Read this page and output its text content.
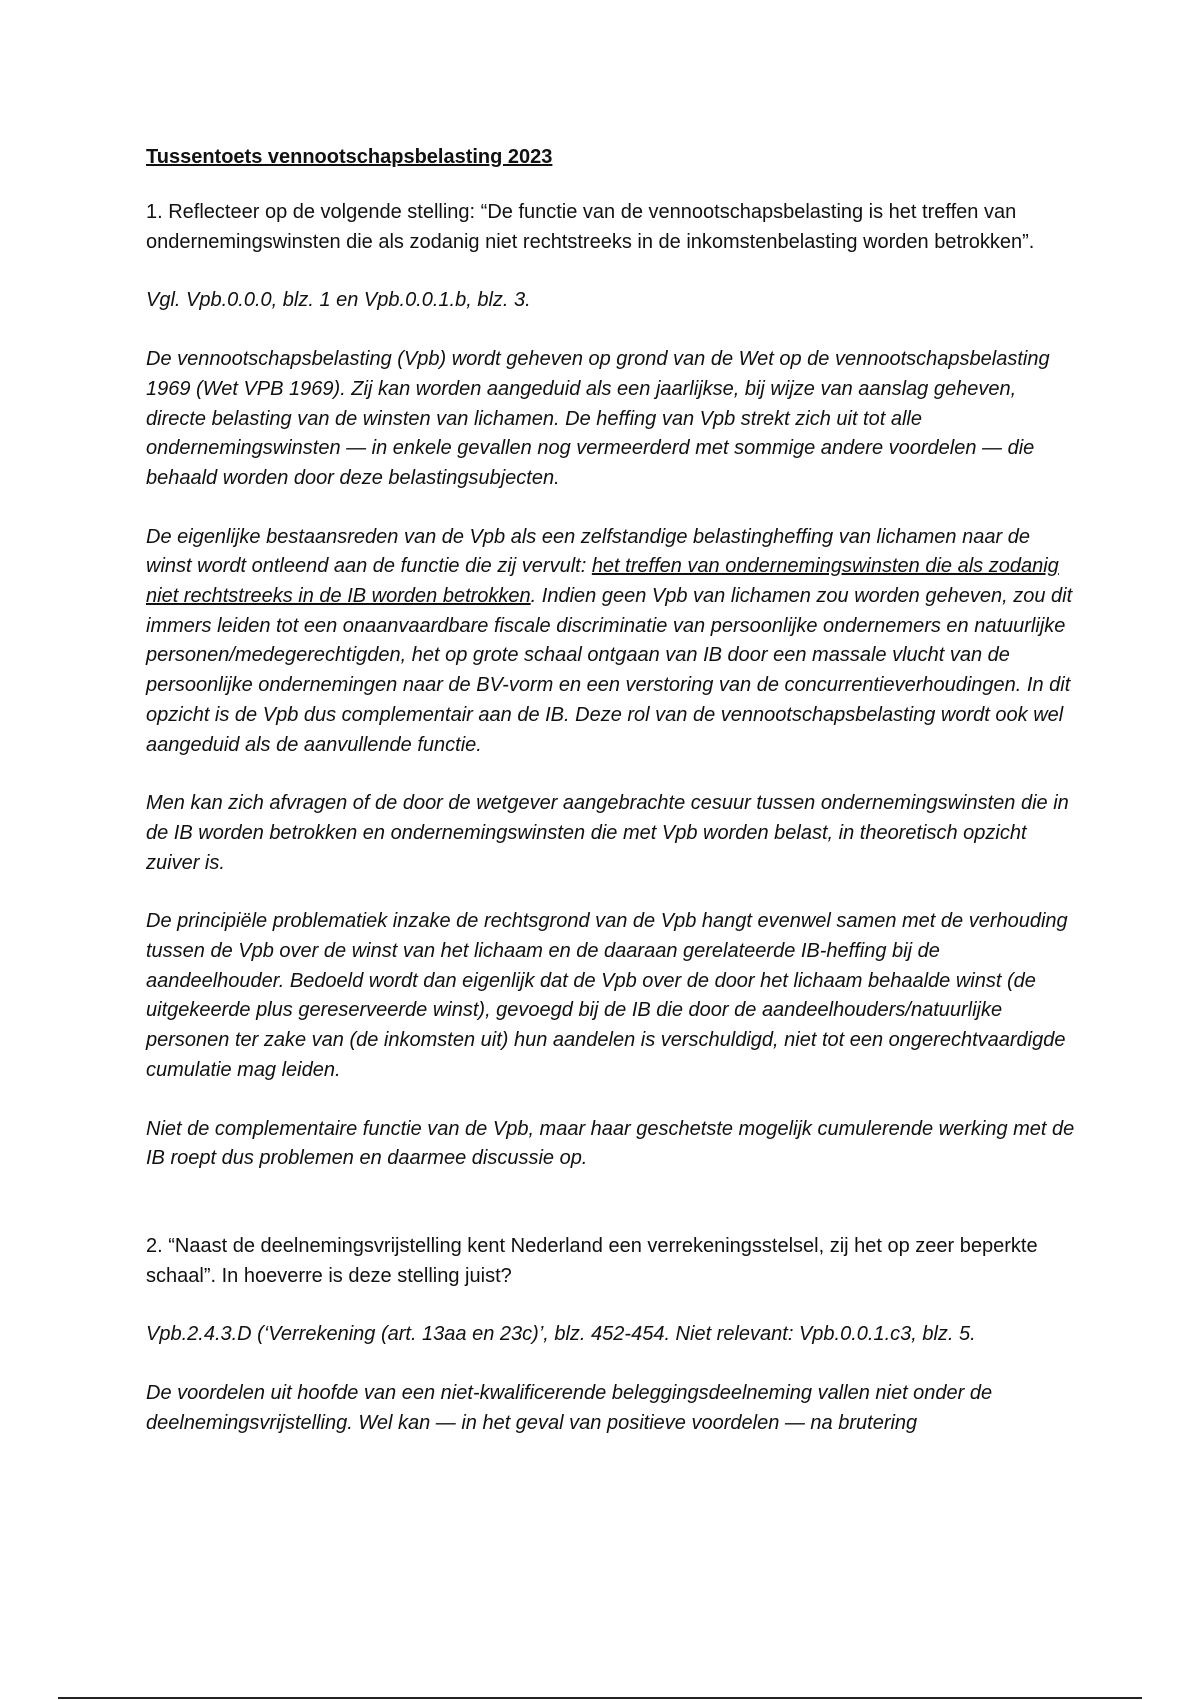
Tussentoets vennootschapsbelasting 2023

1. Reflecteer op de volgende stelling: “De functie van de vennootschapsbelasting is het treffen van ondernemingswinsten die als zodanig niet rechtstreeks in de inkomstenbelasting worden betrokken”.

Vgl. Vpb.0.0.0, blz. 1 en Vpb.0.0.1.b, blz. 3.

De vennootschapsbelasting (Vpb) wordt geheven op grond van de Wet op de vennootschapsbelasting 1969 (Wet VPB 1969). Zij kan worden aangeduid als een jaarlijkse, bij wijze van aanslag geheven, directe belasting van de winsten van lichamen. De heffing van Vpb strekt zich uit tot alle ondernemingswinsten — in enkele gevallen nog vermeerderd met sommige andere voordelen — die behaald worden door deze belastingsubjecten.

De eigenlijke bestaansreden van de Vpb als een zelfstandige belastingheffing van lichamen naar de winst wordt ontleend aan de functie die zij vervult: het treffen van ondernemingswinsten die als zodanig niet rechtstreeks in de IB worden betrokken. Indien geen Vpb van lichamen zou worden geheven, zou dit immers leiden tot een onaanvaardbare fiscale discriminatie van persoonlijke ondernemers en natuurlijke personen/medegerechtigden, het op grote schaal ontgaan van IB door een massale vlucht van de persoonlijke ondernemingen naar de BV-vorm en een verstoring van de concurrentieverhoudingen. In dit opzicht is de Vpb dus complementair aan de IB. Deze rol van de vennootschapsbelasting wordt ook wel aangeduid als de aanvullende functie.

Men kan zich afvragen of de door de wetgever aangebrachte cesuur tussen ondernemingswinsten die in de IB worden betrokken en ondernemingswinsten die met Vpb worden belast, in theoretisch opzicht zuiver is.

De principiële problematiek inzake de rechtsgrond van de Vpb hangt evenwel samen met de verhouding tussen de Vpb over de winst van het lichaam en de daaraan gerelateerde IB-heffing bij de aandeelhouder. Bedoeld wordt dan eigenlijk dat de Vpb over de door het lichaam behaalde winst (de uitgekeerde plus gereserveerde winst), gevoegd bij de IB die door de aandeelhouders/natuurlijke personen ter zake van (de inkomsten uit) hun aandelen is verschuldigd, niet tot een ongerechtvaardigde cumulatie mag leiden.

Niet de complementaire functie van de Vpb, maar haar geschetste mogelijk cumulerende werking met de IB roept dus problemen en daarmee discussie op.

2. “Naast de deelnemingsvrijstelling kent Nederland een verrekeningsstelsel, zij het op zeer beperkte schaal”. In hoeverre is deze stelling juist?

Vpb.2.4.3.D (‘Verrekening (art. 13aa en 23c)’, blz. 452-454. Niet relevant: Vpb.0.0.1.c3, blz. 5.

De voordelen uit hoofde van een niet-kwalificerende beleggingsdeelneming vallen niet onder de deelnemingsvrijstelling. Wel kan — in het geval van positieve voordelen — na brutering
